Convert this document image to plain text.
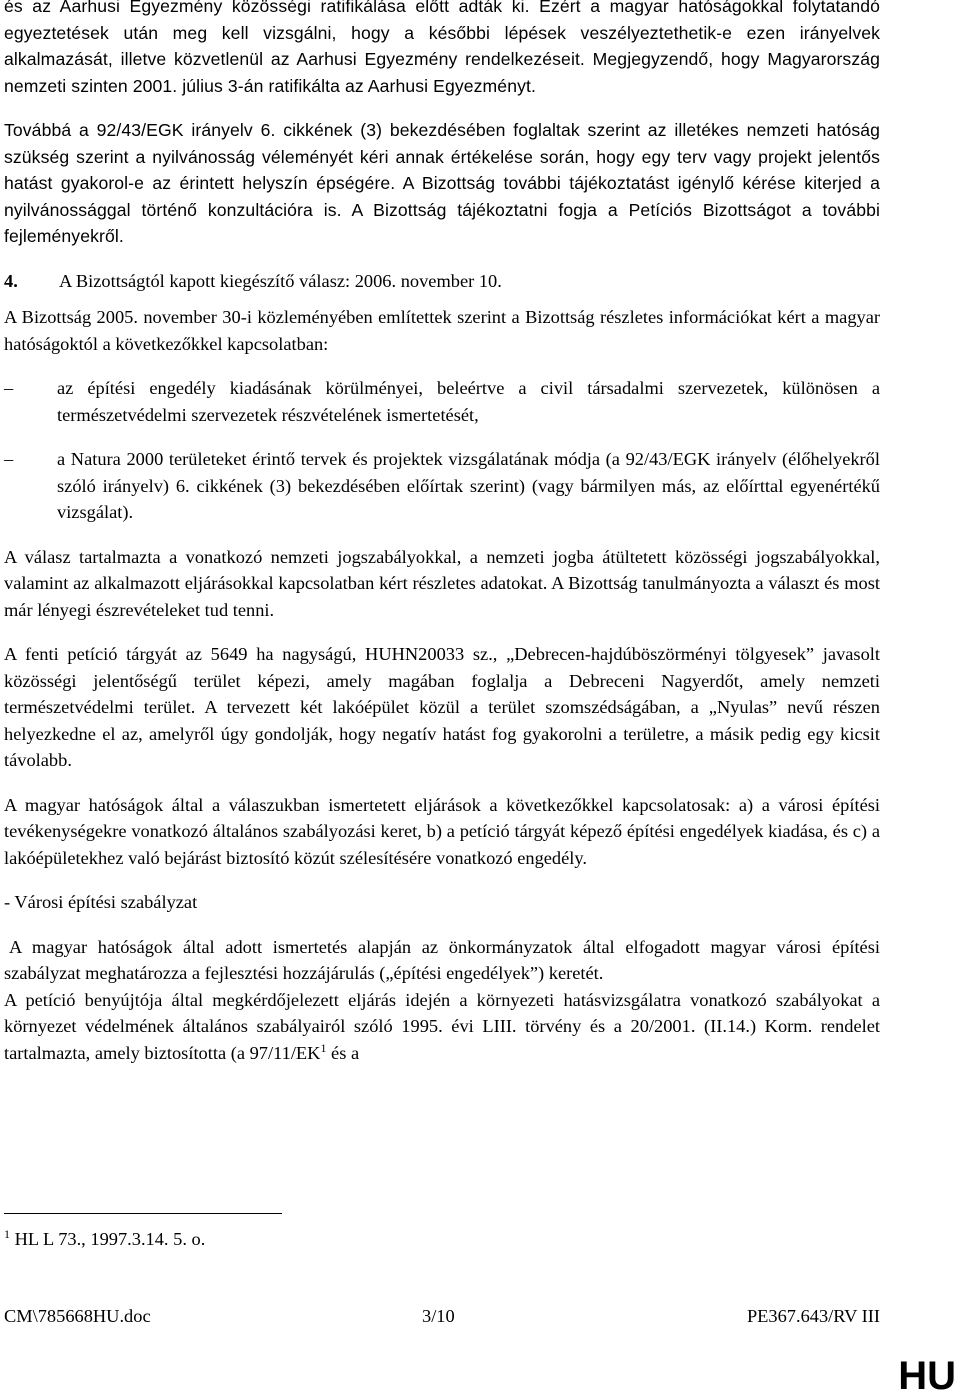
és az Aarhusi Egyezmény közösségi ratifikálása előtt adták ki. Ezért a magyar hatóságokkal folytatandó egyeztetések után meg kell vizsgálni, hogy a későbbi lépések veszélyeztethetik-e ezen irányelvek alkalmazását, illetve közvetlenül az Aarhusi Egyezmény rendelkezéseit. Megjegyzendő, hogy Magyarország nemzeti szinten 2001. július 3-án ratifikálta az Aarhusi Egyezményt.

Továbbá a 92/43/EGK irányelv 6. cikkének (3) bekezdésében foglaltak szerint az illetékes nemzeti hatóság szükség szerint a nyilvánosság véleményét kéri annak értékelése során, hogy egy terv vagy projekt jelentős hatást gyakorol-e az érintett helyszín épségére. A Bizottság további tájékoztatást igénylő kérése kiterjed a nyilvánossággal történő konzultációra is. A Bizottság tájékoztatni fogja a Petíciós Bizottságot a további fejleményekről.

4.	A Bizottságtól kapott kiegészítő válasz: 2006. november 10.

A Bizottság 2005. november 30-i közleményében említettek szerint a Bizottság részletes információkat kért a magyar hatóságoktól a következőkkel kapcsolatban:

–	az építési engedély kiadásának körülményei, beleértve a civil társadalmi szervezetek, különösen a természetvédelmi szervezetek részvételének ismertetését,

–	a Natura 2000 területeket érintő tervek és projektek vizsgálatának módja (a 92/43/EGK irányelv (élőhelyekről szóló irányelv) 6. cikkének (3) bekezdésében előírtak szerint) (vagy bármilyen más, az előírttal egyenértékű vizsgálat).

A válasz tartalmazta a vonatkozó nemzeti jogszabályokkal, a nemzeti jogba átültetett közösségi jogszabályokkal, valamint az alkalmazott eljárásokkal kapcsolatban kért részletes adatokat. A Bizottság tanulmányozta a választ és most már lényegi észrevételeket tud tenni.

A fenti petíció tárgyát az 5649 ha nagyságú, HUHN20033 sz., „Debrecen-hajdúböszörményi tölgyesek” javasolt közösségi jelentőségű terület képezi, amely magában foglalja a Debreceni Nagyerdőt, amely nemzeti természetvédelmi terület. A tervezett két lakóépület közül a terület szomszédságában, a „Nyulas” nevű részen helyezkedne el az, amelyről úgy gondolják, hogy negatív hatást fog gyakorolni a területre, a másik pedig egy kicsit távolabb.

A magyar hatóságok által a válaszukban ismertetett eljárások a következőkkel kapcsolatosak: a) a városi építési tevékenységekre vonatkozó általános szabályozási keret, b) a petíció tárgyát képező építési engedélyek kiadása, és c) a lakóépületekhez való bejárást biztosító közút szélesítésére vonatkozó engedély.

- Városi építési szabályzat

A magyar hatóságok által adott ismertetés alapján az önkormányzatok által elfogadott magyar városi építési szabályzat meghatározza a fejlesztési hozzájárulás („építési engedélyek”) keretét.

A petíció benyújtója által megkérdőjelezett eljárás idején a környezeti hatásvizsgálatra vonatkozó szabályokat a környezet védelmének általános szabályairól szóló 1995. évi LIII. törvény és a 20/2001. (II.14.) Korm. rendelet tartalmazta, amely biztosította (a $97/11/EK^1$ és a

$^1$ HL L 73., 1997.3.14. 5. o.
CM\785668HU.doc	3/10	PE367.643/RV III
HU
